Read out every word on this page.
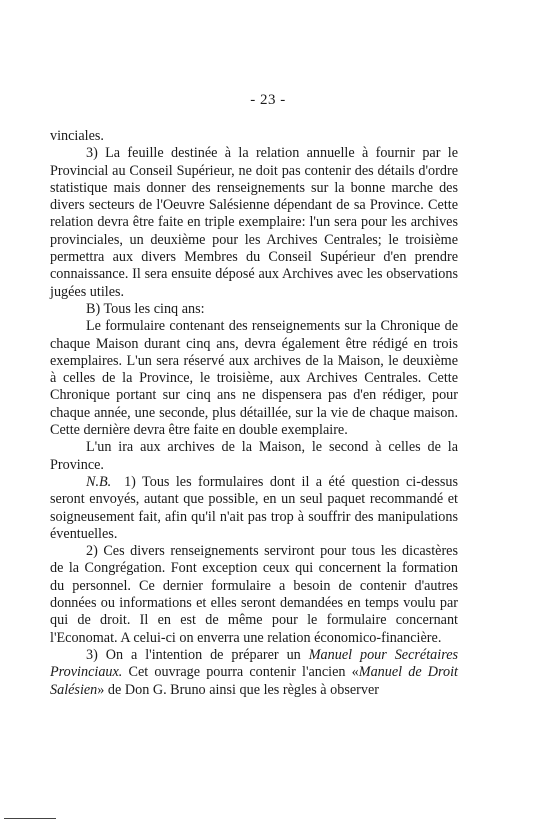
- 23 -

vinciales.

3) La feuille destinée à la relation annuelle à fournir par le Provincial au Conseil Supérieur, ne doit pas contenir des détails d'ordre statistique mais donner des renseignements sur la bonne marche des divers secteurs de l'Oeuvre Salésienne dépendant de sa Province. Cette relation devra être faite en triple exemplaire: l'un sera pour les archives provinciales, un deuxième pour les Archives Centrales; le troisième permettra aux divers Membres du Conseil Supérieur d'en prendre connaissance. Il sera ensuite déposé aux Archives avec les observations jugées utiles.

B) Tous les cinq ans:

Le formulaire contenant des renseignements sur la Chronique de chaque Maison durant cinq ans, devra également être rédigé en trois exemplaires. L'un sera réservé aux archives de la Maison, le deuxième à celles de la Province, le troisième, aux Archives Centrales. Cette Chronique portant sur cinq ans ne dispensera pas d'en rédiger, pour chaque année, une seconde, plus détaillée, sur la vie de chaque maison. Cette dernière devra être faite en double exemplaire.

L'un ira aux archives de la Maison, le second à celles de la Province.

N.B. 1) Tous les formulaires dont il a été question ci-dessus seront envoyés, autant que possible, en un seul paquet recommandé et soigneusement fait, afin qu'il n'ait pas trop à souffrir des manipulations éventuelles.

2) Ces divers renseignements serviront pour tous les dicastères de la Congrégation. Font exception ceux qui concernent la formation du personnel. Ce dernier formulaire a besoin de contenir d'autres données ou informations et elles seront demandées en temps voulu par qui de droit. Il en est de même pour le formulaire concernant l'Economat. A celui-ci on enverra une relation économico-financière.

3) On a l'intention de préparer un Manuel pour Secrétaires Provinciaux. Cet ouvrage pourra contenir l'ancien «Manuel de Droit Salésien» de Don G. Bruno ainsi que les règles à observer
